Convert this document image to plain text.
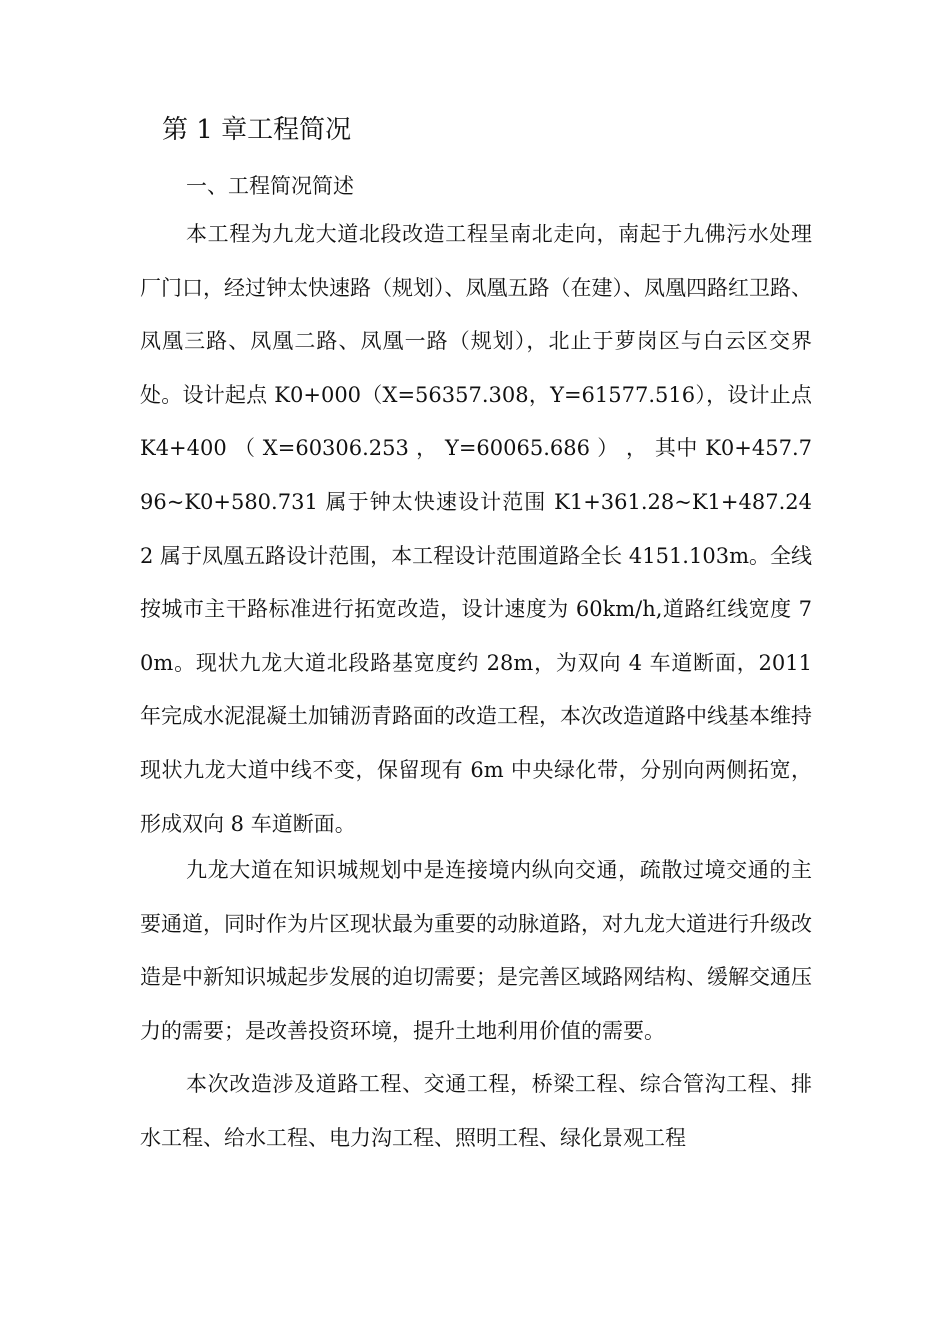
第 1 章工程简况
一、工程简况简述

本工程为九龙大道北段改造工程呈南北走向，南起于九佛污水处理厂门口，经过钟太快速路（规划）、凤凰五路（在建）、凤凰四路红卫路、凤凰三路、凤凰二路、凤凰一路（规划），北止于萝岗区与白云区交界处。设计起点 K0+000（X=56357.308，Y=61577.516），设计止点 K4+400 （ X=60306.253 ， Y=60065.686 ） ， 其中 K0+457.796~K0+580.731 属于钟太快速设计范围 K1+361.28~K1+487.242 属于凤凰五路设计范围，本工程设计范围道路全长 4151.103m。全线按城市主干路标准进行拓宽改造，设计速度为 60km/h,道路红线宽度 70m。现状九龙大道北段路基宽度约 28m，为双向 4 车道断面，2011 年完成水泥混凝土加铺沥青路面的改造工程，本次改造道路中线基本维持现状九龙大道中线不变，保留现有 6m 中央绿化带，分别向两侧拓宽，形成双向 8 车道断面。

九龙大道在知识城规划中是连接境内纵向交通，疏散过境交通的主要通道，同时作为片区现状最为重要的动脉道路，对九龙大道进行升级改造是中新知识城起步发展的迫切需要；是完善区域路网结构、缓解交通压力的需要；是改善投资环境，提升土地利用价值的需要。

本次改造涉及道路工程、交通工程，桥梁工程、综合管沟工程、排水工程、给水工程、电力沟工程、照明工程、绿化景观工程
